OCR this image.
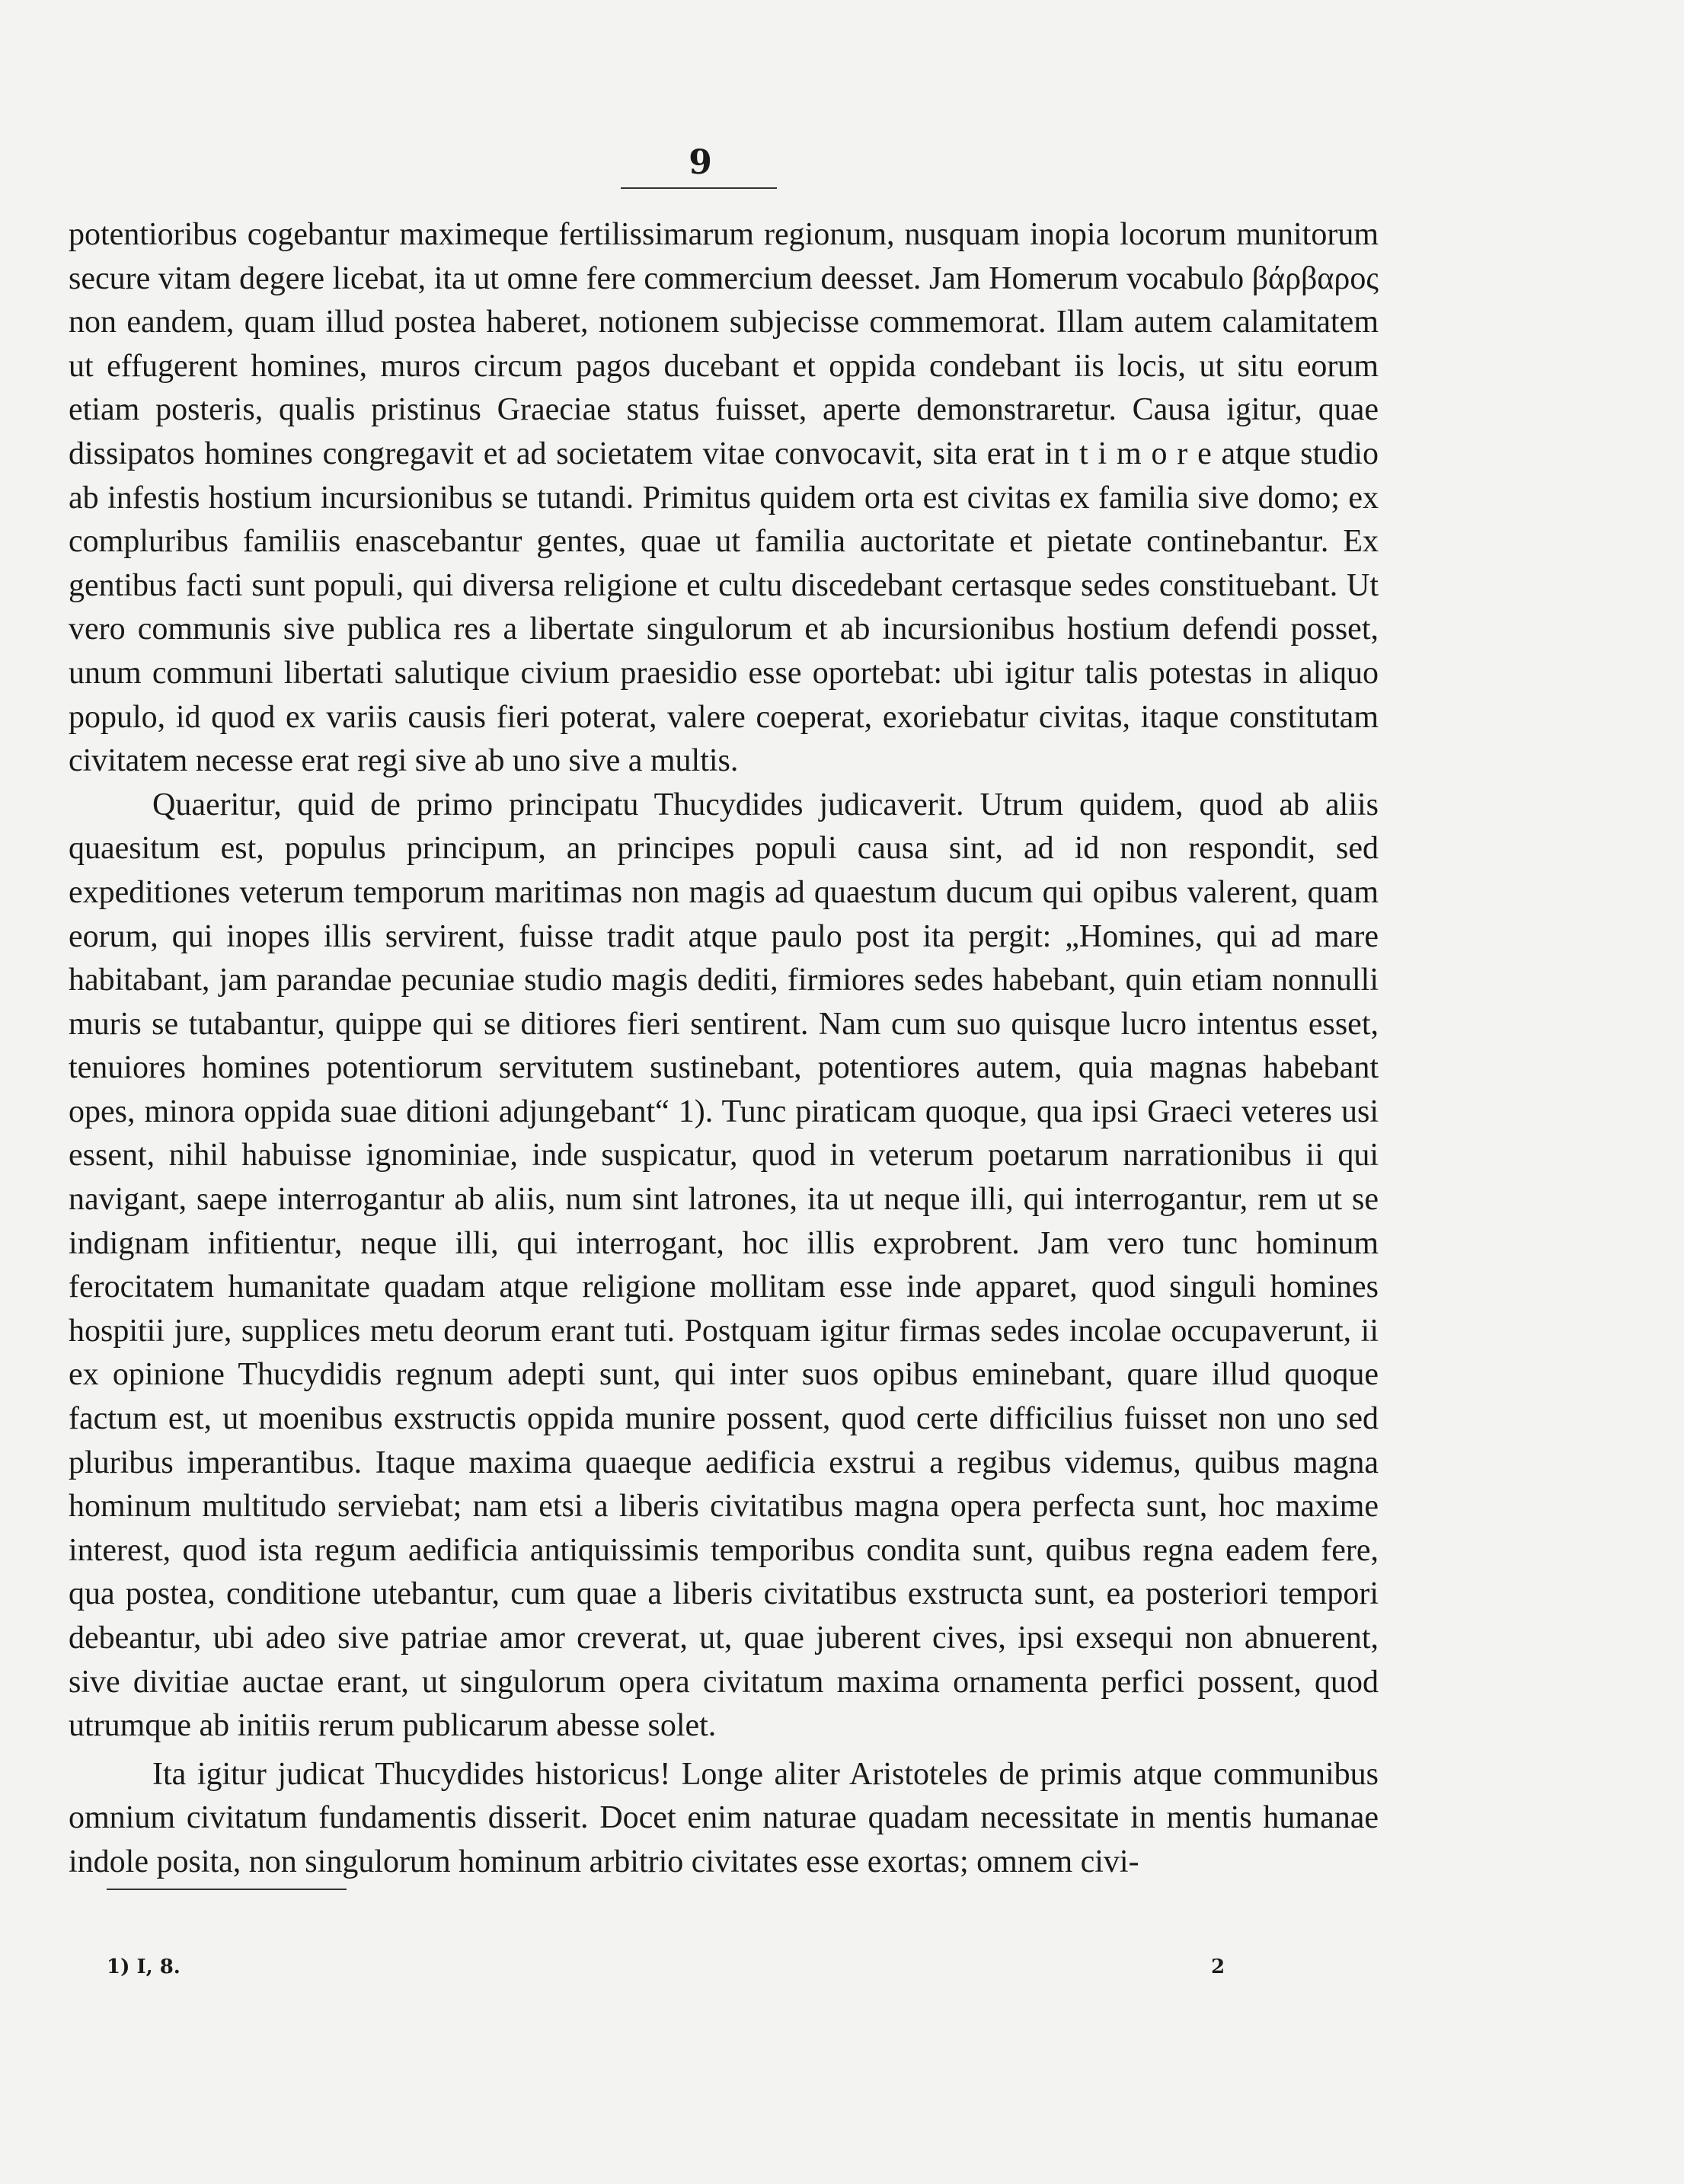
9

potentioribus cogebantur maximeque fertilissimarum regionum, nusquam inopia locorum munitorum secure vitam degere licebat, ita ut omne fere commercium deesset. Jam Homerum vocabulo βάρβαρος non eandem, quam illud postea haberet, notionem subjecisse commemorat. Illam autem calamitatem ut effugerent homines, muros circum pagos ducebant et oppida condebant iis locis, ut situ eorum etiam posteris, qualis pristinus Graeciae status fuisset, aperte demonstraretur. Causa igitur, quae dissipatos homines congregavit et ad societatem vitae convocavit, sita erat in t i m o r e atque studio ab infestis hostium incursionibus se tutandi. Primitus quidem orta est civitas ex familia sive domo; ex compluribus familiis enascebantur gentes, quae ut familia auctoritate et pietate continebantur. Ex gentibus facti sunt populi, qui diversa religione et cultu discedebant certasque sedes constituebant. Ut vero communis sive publica res a libertate singulorum et ab incursionibus hostium defendi posset, unum communi libertati salutique civium praesidio esse oportebat: ubi igitur talis potestas in aliquo populo, id quod ex variis causis fieri poterat, valere coeperat, exoriebatur civitas, itaque constitutam civitatem necesse erat regi sive ab uno sive a multis.

Quaeritur, quid de primo principatu Thucydides judicaverit. Utrum quidem, quod ab aliis quaesitum est, populus principum, an principes populi causa sint, ad id non respondit, sed expeditiones veterum temporum maritimas non magis ad quaestum ducum qui opibus valerent, quam eorum, qui inopes illis servirent, fuisse tradit atque paulo post ita pergit: „Homines, qui ad mare habitabant, jam parandae pecuniae studio magis dediti, firmiores sedes habebant, quin etiam nonnulli muris se tutabantur, quippe qui se ditiores fieri sentirent. Nam cum suo quisque lucro intentus esset, tenuiores homines potentiorum servitutem sustinebant, potentiores autem, quia magnas habebant opes, minora oppida suae ditioni adjungebant“ 1). Tunc piraticam quoque, qua ipsi Graeci veteres usi essent, nihil habuisse ignominiae, inde suspicatur, quod in veterum poetarum narrationibus ii qui navigant, saepe interrogantur ab aliis, num sint latrones, ita ut neque illi, qui interrogantur, rem ut se indignam infitientur, neque illi, qui interrogant, hoc illis exprobrent. Jam vero tunc hominum ferocitatem humanitate quadam atque religione mollitam esse inde apparet, quod singuli homines hospitii jure, supplices metu deorum erant tuti. Postquam igitur firmas sedes incolae occupaverunt, ii ex opinione Thucydidis regnum adepti sunt, qui inter suos opibus eminebant, quare illud quoque factum est, ut moenibus exstructis oppida munire possent, quod certe difficilius fuisset non uno sed pluribus imperantibus. Itaque maxima quaeque aedificia exstrui a regibus videmus, quibus magna hominum multitudo serviebat; nam etsi a liberis civitatibus magna opera perfecta sunt, hoc maxime interest, quod ista regum aedificia antiquissimis temporibus condita sunt, quibus regna eadem fere, qua postea, conditione utebantur, cum quae a liberis civitatibus exstructa sunt, ea posteriori tempori debeantur, ubi adeo sive patriae amor creverat, ut, quae juberent cives, ipsi exsequi non abnuerent, sive divitiae auctae erant, ut singulorum opera civitatum maxima ornamenta perfici possent, quod utrumque ab initiis rerum publicarum abesse solet.

Ita igitur judicat Thucydides historicus! Longe aliter Aristoteles de primis atque communibus omnium civitatum fundamentis disserit. Docet enim naturae quadam necessitate in mentis humanae indole posita, non singulorum hominum arbitrio civitates esse exortas; omnem civi-

1) I, 8.	2
